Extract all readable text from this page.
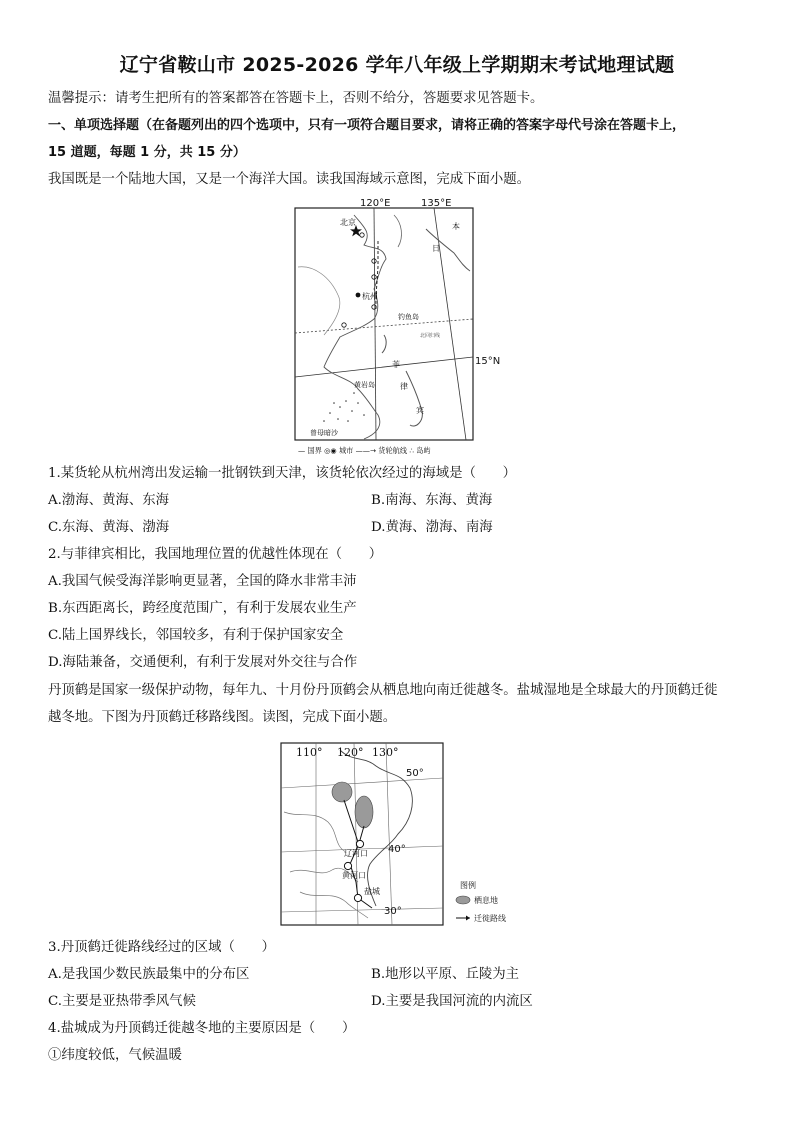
辽宁省鞍山市 2025-2026 学年八年级上学期期末考试地理试题
温馨提示：请考生把所有的答案都答在答题卡上，否则不给分，答题要求见答题卡。
一、单项选择题（在备题列出的四个选项中，只有一项符合题目要求，请将正确的答案字母代号涂在答题卡上，
15 道题，每题 1 分，共 15 分）
我国既是一个陆地大国，又是一个海洋大国。读我国海域示意图，完成下面小题。
北京
杭州
钓鱼岛
北回归线
日
本
菲
律
宾
黄岩岛
曾母暗沙
— 国界 ◎◉ 城市 ——→ 货轮航线 ∴ 岛屿
120°E	135°E
15°N
1.某货轮从杭州湾出发运输一批钢铁到天津，该货轮依次经过的海域是（　　）
A.渤海、黄海、东海	B.南海、东海、黄海
C.东海、黄海、渤海	D.黄海、渤海、南海
2.与菲律宾相比，我国地理位置的优越性体现在（　　）
A.我国气候受海洋影响更显著，全国的降水非常丰沛
B.东西距离长，跨经度范围广，有利于发展农业生产
C.陆上国界线长，邻国较多，有利于保护国家安全
D.海陆兼备，交通便利，有利于发展对外交往与合作
丹顶鹤是国家一级保护动物，每年九、十月份丹顶鹤会从栖息地向南迁徙越冬。盐城湿地是全球最大的丹顶鹤迁徙
越冬地。下图为丹顶鹤迁移路线图。读图，完成下面小题。
辽河口
黄河口
盐城
50°
40°
30°
图例
栖息地
迁徙路线
110° 120° 130°
3.丹顶鹤迁徙路线经过的区域（　　）
A.是我国少数民族最集中的分布区	B.地形以平原、丘陵为主
C.主要是亚热带季风气候	D.主要是我国河流的内流区
4.盐城成为丹顶鹤迁徙越冬地的主要原因是（　　）
①纬度较低，气候温暖
